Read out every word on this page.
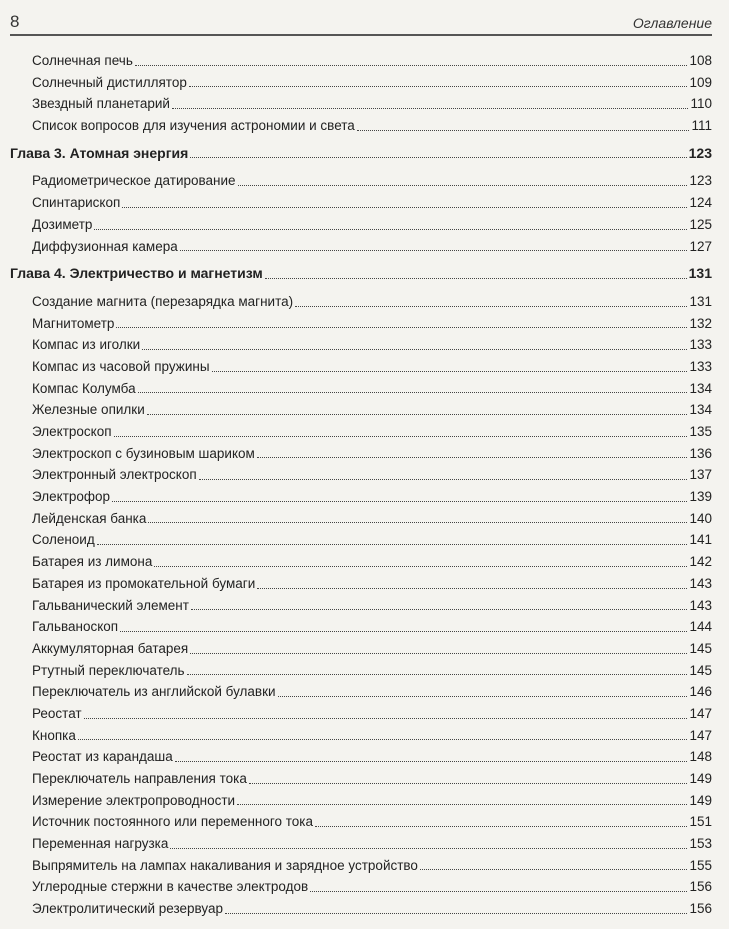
8	Оглавление
Солнечная печь	108
Солнечный дистиллятор	109
Звездный планетарий	110
Список вопросов для изучения астрономии и света	111
Глава 3. Атомная энергия	123
Радиометрическое датирование	123
Спинтарископ	124
Дозиметр	125
Диффузионная камера	127
Глава 4. Электричество и магнетизм	131
Создание магнита (перезарядка магнита)	131
Магнитометр	132
Компас из иголки	133
Компас из часовой пружины	133
Компас Колумба	134
Железные опилки	134
Электроскоп	135
Электроскоп с бузиновым шариком	136
Электронный электроскоп	137
Электрофор	139
Лейденская банка	140
Соленоид	141
Батарея из лимона	142
Батарея из промокательной бумаги	143
Гальванический элемент	143
Гальваноскоп	144
Аккумуляторная батарея	145
Ртутный переключатель	145
Переключатель из английской булавки	146
Реостат	147
Кнопка	147
Реостат из карандаша	148
Переключатель направления тока	149
Измерение электропроводности	149
Источник постоянного или переменного тока	151
Переменная нагрузка	153
Выпрямитель на лампах накаливания и зарядное устройство	155
Углеродные стержни в качестве электродов	156
Электролитический резервуар	156
